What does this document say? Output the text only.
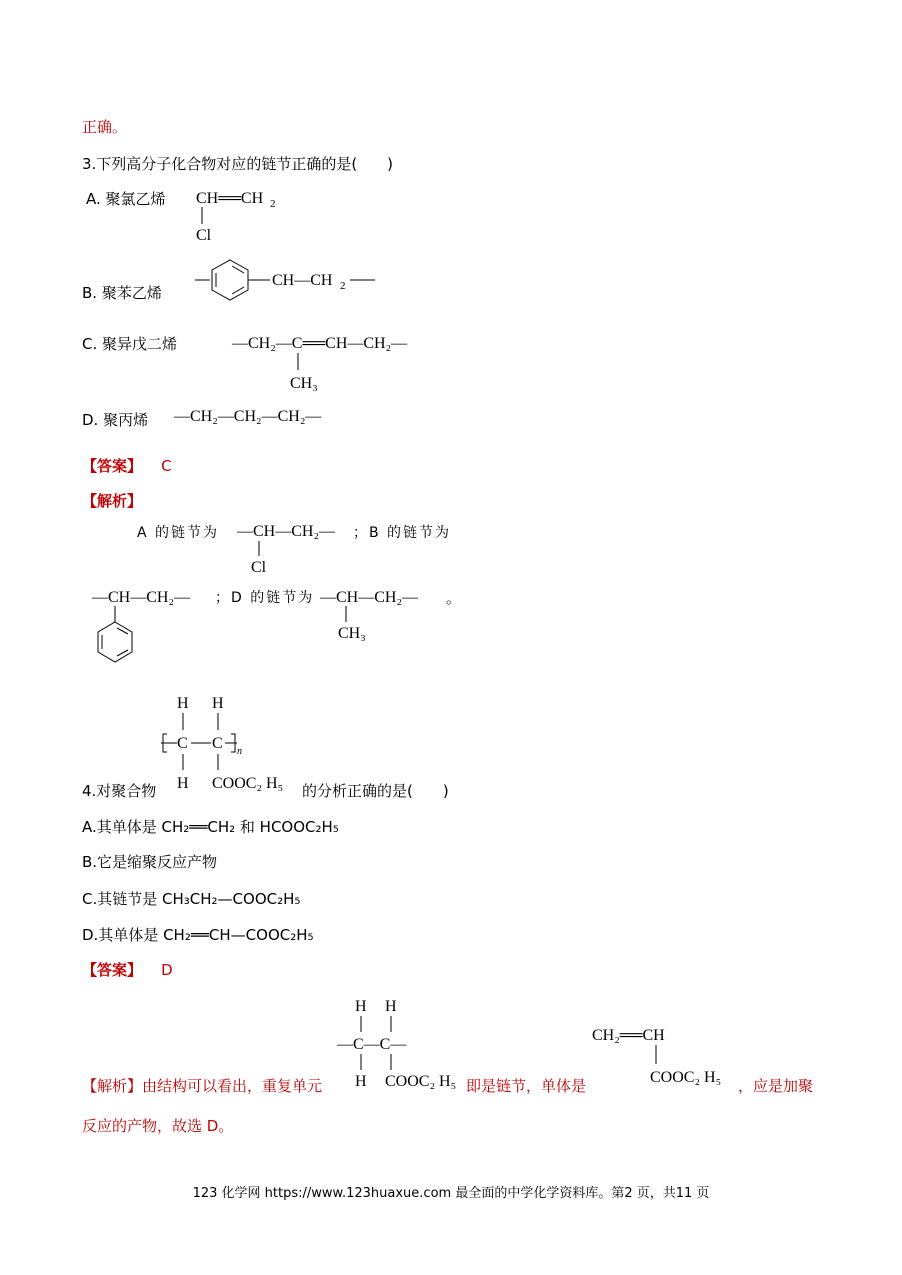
正确。
3.下列高分子化合物对应的链节正确的是(　　)
A. 聚氯乙烯 CH══CH 2
Cl
B. 聚苯乙烯
CH—CH 2
C. 聚异戊二烯	—CH₂—C══CH—CH₂—
CH₃
D. 聚丙烯 —CH₂—CH₂—CH₂—
【答案】 C
【解析】
A 的链节为 —CH—CH₂—
Cl
；B 的链节为
—CH—CH₂— ；D 的链节为 —CH—CH₂—
CH₃
。
4.对聚合物
H H
C C n
H COOC₂ H₅ 的分析正确的是(　　)
A.其单体是 CH₂══CH₂ 和 HCOOC₂H₅
B.它是缩聚反应产物
C.其链节是 CH₃CH₂—COOC₂H₅
D.其单体是 CH₂══CH—COOC₂H₅
【答案】 D
【解析】由结构可以看出，重复单元
H H
—C—C—
H COOC₂ H₅ 即是链节，单体是
CH₂══CH
COOC₂ H₅ ，应是加聚
反应的产物，故选 D。
123 化学网 https://www.123huaxue.com 最全面的中学化学资料库。第2 页，共11 页
